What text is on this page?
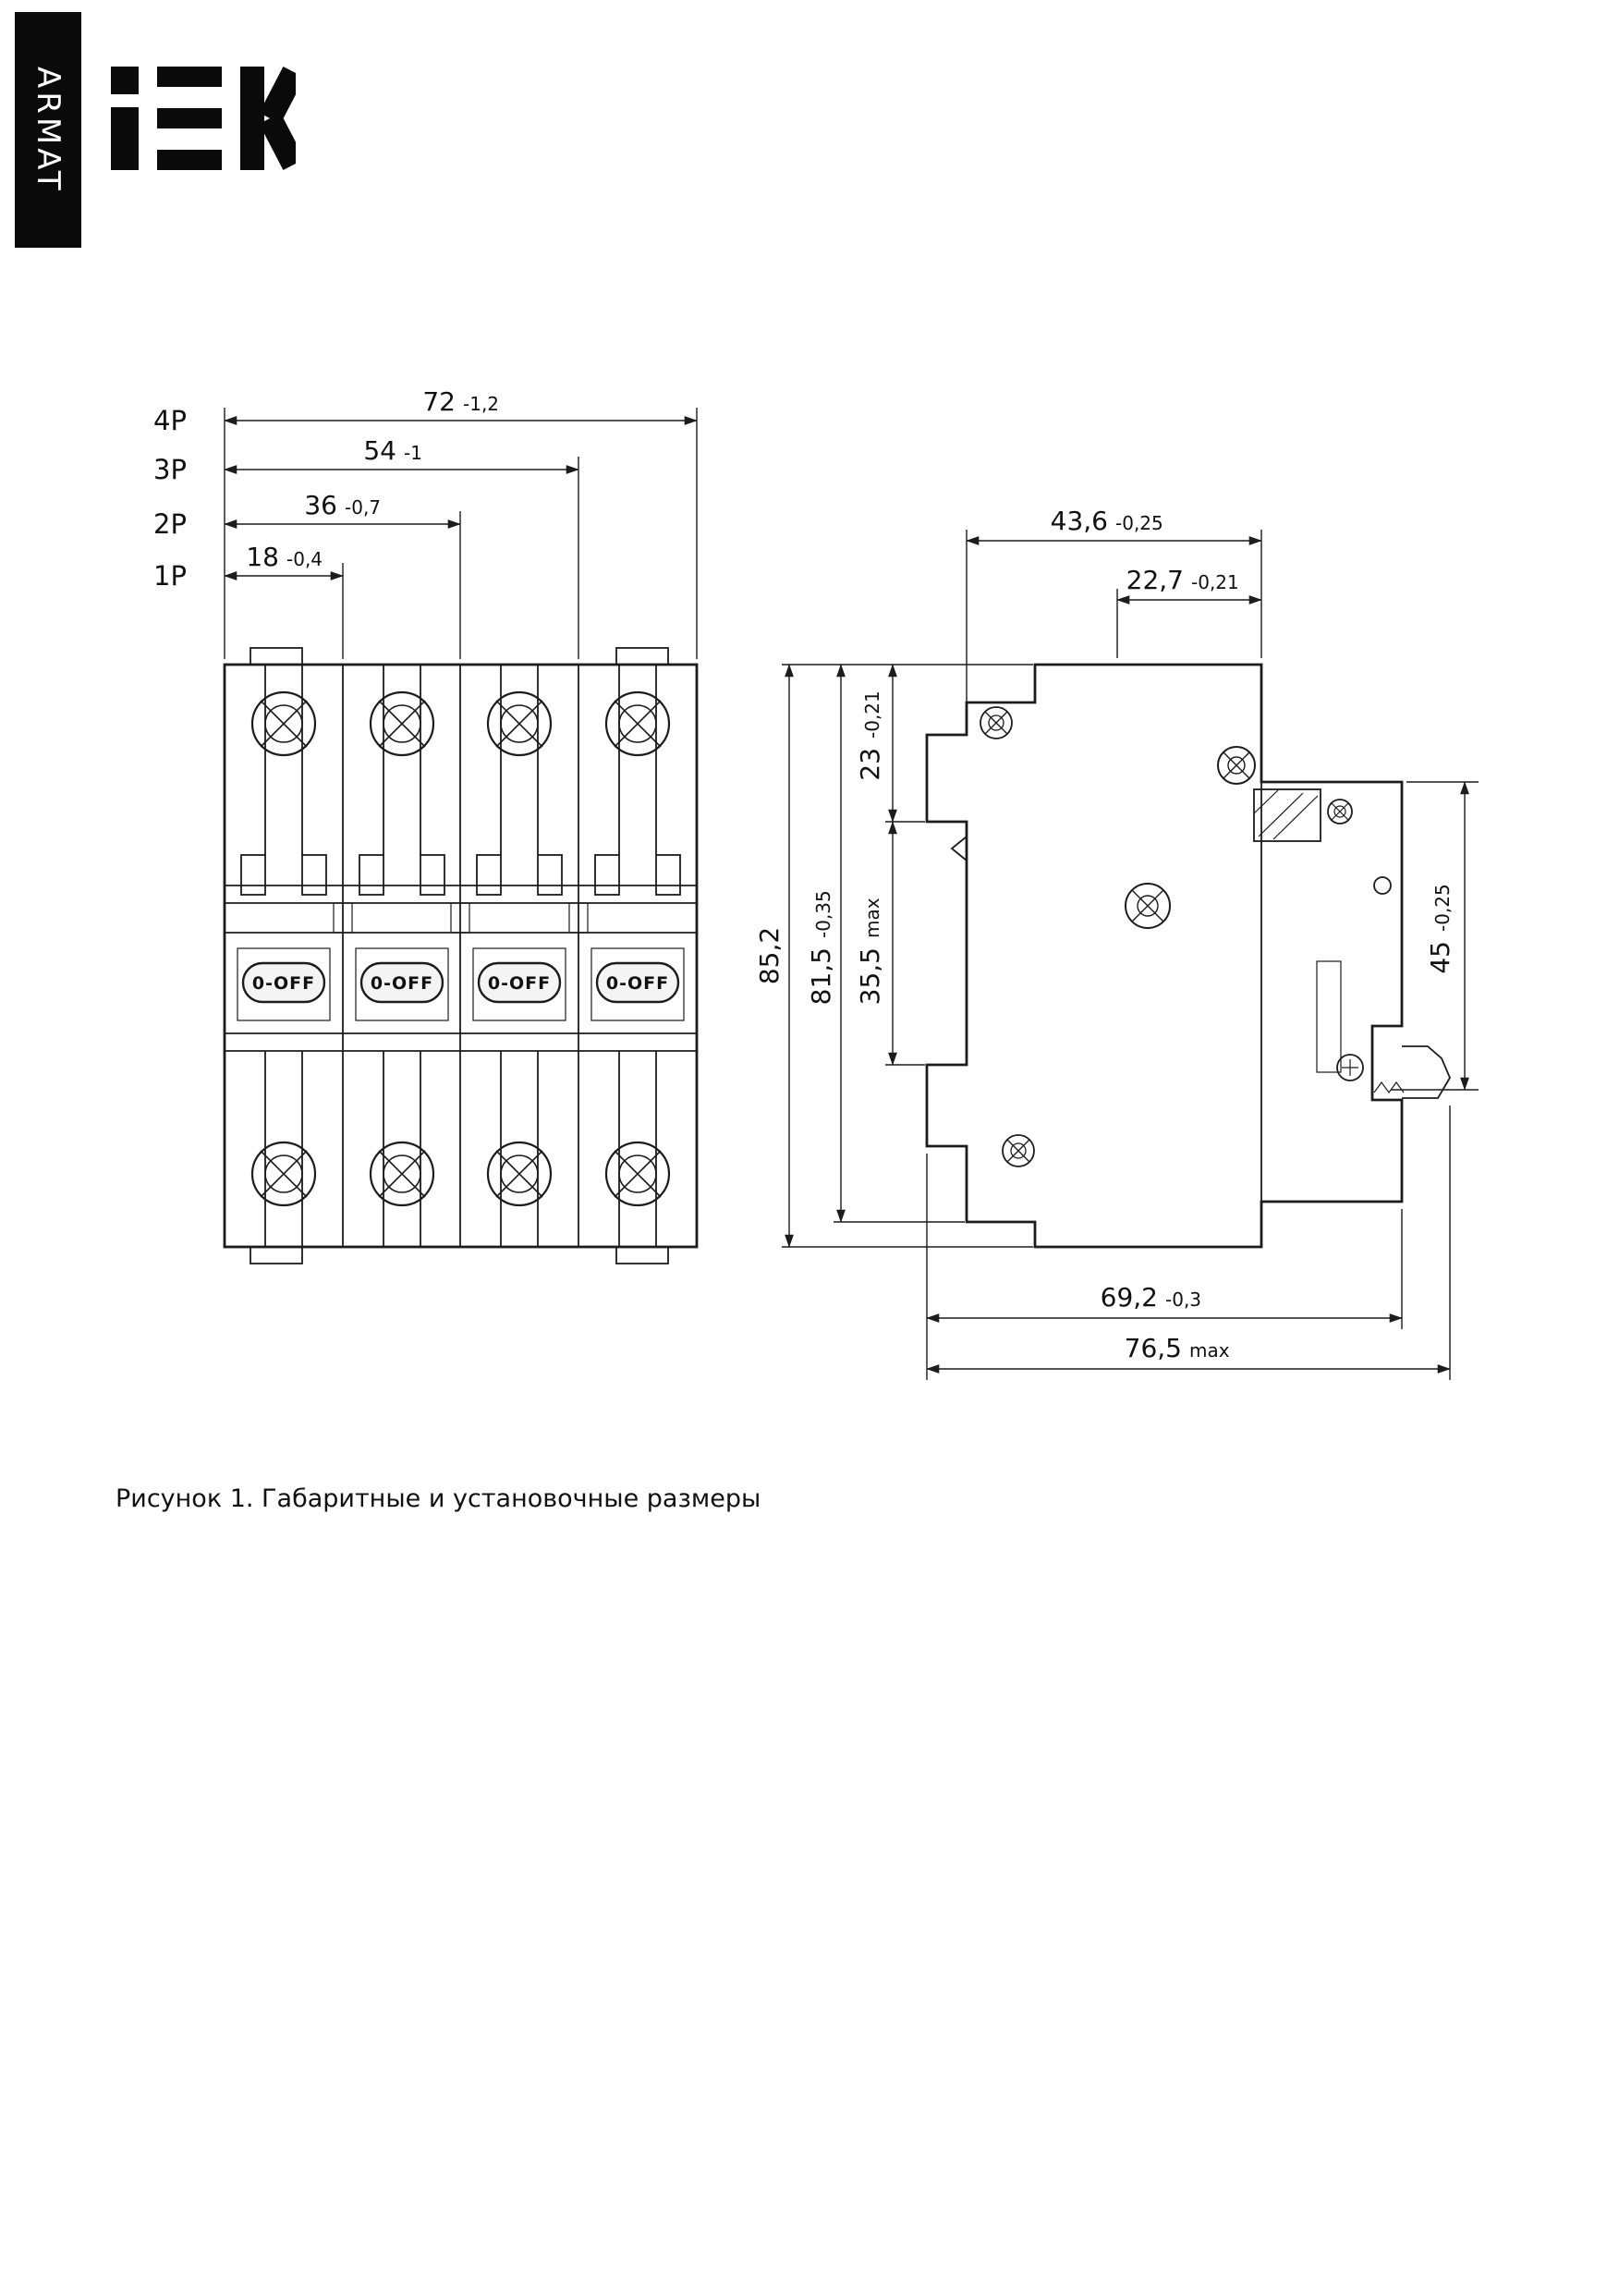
ARMAT
0-OFF	0-OFF	0-OFF	0-OFF
4P
72 -1,2
3P
54 -1
2P
36 -0,7
1P
18 -0,4
43,6 -0,25
22,7 -0,21
85,2 81,5
-0,35
23
-0,21
35,5
max
45
-0,25
69,2 -0,3
76,5 max
Рисунок 1. Габаритные и установочные размеры
